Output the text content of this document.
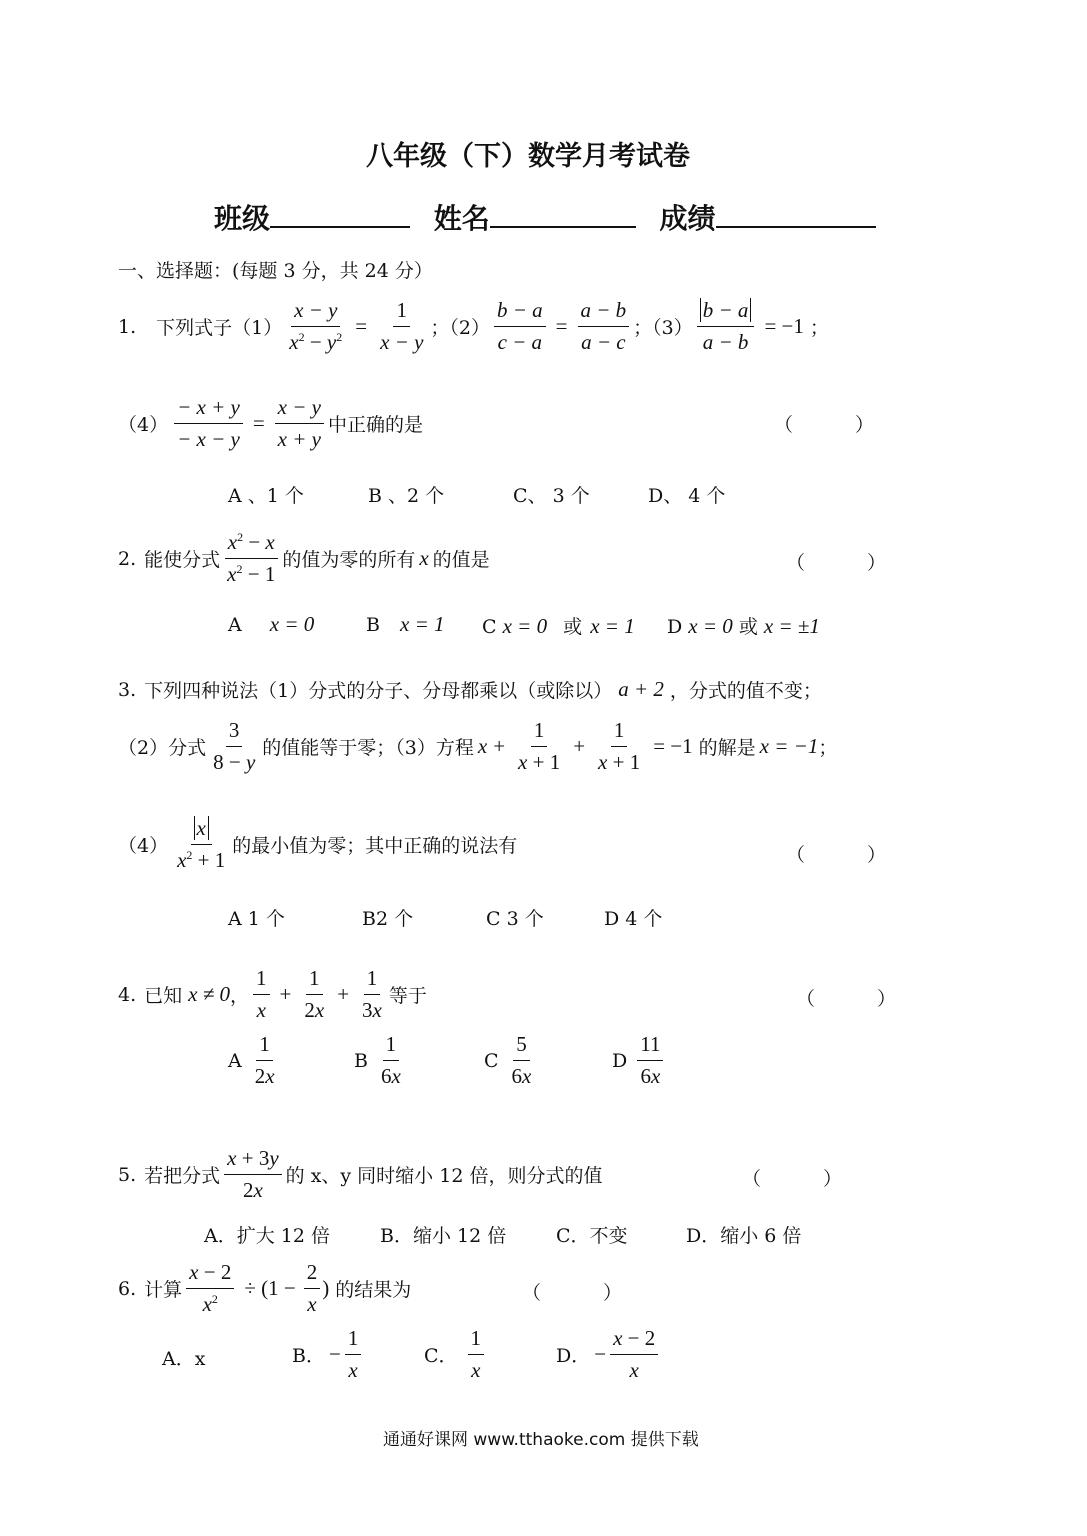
八年级（下）数学月考试卷
班级	姓名	成绩
一、选择题：(每题 3 分，共 24 分）
1. 下列式子$(1) \frac{x - y}{x^2 - y^2} = \frac{1}{x - y}$ ；$(2) \frac{b - a}{c - a} = \frac{a - b}{a - c}$ ；$(3) \frac{b - a}{a - b} = -1$ ；
$(4) \frac{- x + y}{- x - y} = \frac{x - y}{x + y}$ 中正确的是	（ ）
A 、1 个	B 、2 个	C、 3 个	D、 4 个
2. 能使分式 $\frac{x^2 - x}{x^2 - 1}$ 的值为零的所有 x 的值是	（ ）
A x = 0	B x = 1 C x = 0 或 x = 1 D x = 0 或 x = ±1
3. 下列四种说法（1）分式的分子、分母都乘以（或除以） a + 2 ，分式的值不变；
（2）分式 $\frac{3}{8 - y}$ 的值能等于零；（3）方程 $x + \frac{1}{x + 1} + \frac{1}{x + 1} = -1$ 的解是 x = −1 ；
$(4) \frac{x}{x^2 + 1}$ 的最小值为零；其中正确的说法有	（ ）
A 1 个	B2 个	C 3 个	D 4 个
4. 已知 x ≠ 0 ， $\frac{1}{x} + \frac{1}{2x} + \frac{1}{3x}$ 等于	（ ）
A $\frac{1}{2x}$	B $\frac{1}{6x}$	C $\frac{5}{6x}$	D $\frac{11}{6x}$
5. 若把分式 $\frac{x + 3y}{2x}$ 的 x、y 同时缩小 12 倍，则分式的值	（ ）
A．扩大 12 倍	B．缩小 12 倍	C．不变	D．缩小 6 倍
6. 计算 $\frac{x - 2}{x^2} \div (1 - \frac{2}{x}$ ) 的结果为	（ ）
A．x	B． − $\frac{1}{x}$	C． $\frac{1}{x}$	D． − $\frac{x - 2}{x}$
通通好课网 www.tthaoke.com 提供下载
